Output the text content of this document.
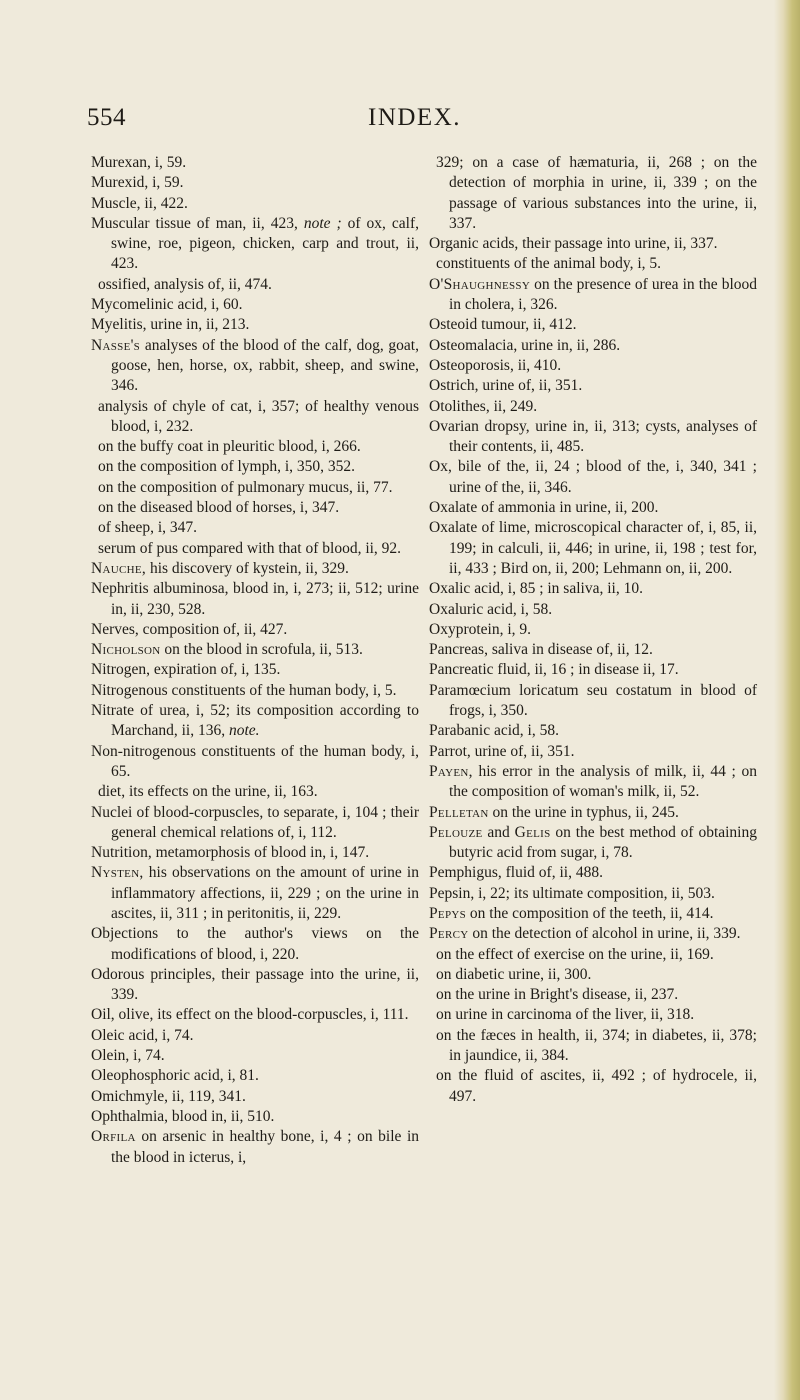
554	INDEX.
Murexan, i, 59.
Murexid, i, 59.
Muscle, ii, 422.
Muscular tissue of man, ii, 423, note ; of ox, calf, swine, roe, pigeon, chicken, carp and trout, ii, 423.
ossified, analysis of, ii, 474.
Mycomelinic acid, i, 60.
Myelitis, urine in, ii, 213.
Nasse's analyses of the blood of the calf, dog, goat, goose, hen, horse, ox, rabbit, sheep, and swine, 346.
analysis of chyle of cat, i, 357; of healthy venous blood, i, 232.
on the buffy coat in pleuritic blood, i, 266.
on the composition of lymph, i, 350, 352.
on the composition of pulmonary mucus, ii, 77.
on the diseased blood of horses, i, 347.
of sheep, i, 347.
serum of pus compared with that of blood, ii, 92.
Nauche, his discovery of kystein, ii, 329.
Nephritis albuminosa, blood in, i, 273; ii, 512; urine in, ii, 230, 528.
Nerves, composition of, ii, 427.
Nicholson on the blood in scrofula, ii, 513.
Nitrogen, expiration of, i, 135.
Nitrogenous constituents of the human body, i, 5.
Nitrate of urea, i, 52; its composition according to Marchand, ii, 136, note.
Non-nitrogenous constituents of the human body, i, 65.
diet, its effects on the urine, ii, 163.
Nuclei of blood-corpuscles, to separate, i, 104 ; their general chemical relations of, i, 112.
Nutrition, metamorphosis of blood in, i, 147.
Nysten, his observations on the amount of urine in inflammatory affections, ii, 229 ; on the urine in ascites, ii, 311 ; in peritonitis, ii, 229.
Objections to the author's views on the modifications of blood, i, 220.
Odorous principles, their passage into the urine, ii, 339.
Oil, olive, its effect on the blood-corpuscles, i, 111.
Oleic acid, i, 74.
Olein, i, 74.
Oleophosphoric acid, i, 81.
Omichmyle, ii, 119, 341.
Ophthalmia, blood in, ii, 510.
Orfila on arsenic in healthy bone, i, 4 ; on bile in the blood in icterus, i,
329; on a case of hæmaturia, ii, 268 ; on the detection of morphia in urine, ii, 339 ; on the passage of various substances into the urine, ii, 337.
Organic acids, their passage into urine, ii, 337.
constituents of the animal body, i, 5.
O'Shaughnessy on the presence of urea in the blood in cholera, i, 326.
Osteoid tumour, ii, 412.
Osteomalacia, urine in, ii, 286.
Osteoporosis, ii, 410.
Ostrich, urine of, ii, 351.
Otolithes, ii, 249.
Ovarian dropsy, urine in, ii, 313; cysts, analyses of their contents, ii, 485.
Ox, bile of the, ii, 24 ; blood of the, i, 340, 341 ; urine of the, ii, 346.
Oxalate of ammonia in urine, ii, 200.
Oxalate of lime, microscopical character of, i, 85, ii, 199; in calculi, ii, 446; in urine, ii, 198 ; test for, ii, 433 ; Bird on, ii, 200; Lehmann on, ii, 200.
Oxalic acid, i, 85 ; in saliva, ii, 10.
Oxaluric acid, i, 58.
Oxyprotein, i, 9.
Pancreas, saliva in disease of, ii, 12.
Pancreatic fluid, ii, 16 ; in disease ii, 17.
Paramœcium loricatum seu costatum in blood of frogs, i, 350.
Parabanic acid, i, 58.
Parrot, urine of, ii, 351.
Payen, his error in the analysis of milk, ii, 44 ; on the composition of woman's milk, ii, 52.
Pelletan on the urine in typhus, ii, 245.
Pelouze and Gelis on the best method of obtaining butyric acid from sugar, i, 78.
Pemphigus, fluid of, ii, 488.
Pepsin, i, 22; its ultimate composition, ii, 503.
Pepys on the composition of the teeth, ii, 414.
Percy on the detection of alcohol in urine, ii, 339.
on the effect of exercise on the urine, ii, 169.
on diabetic urine, ii, 300.
on the urine in Bright's disease, ii, 237.
on urine in carcinoma of the liver, ii, 318.
on the fæces in health, ii, 374; in diabetes, ii, 378; in jaundice, ii, 384.
on the fluid of ascites, ii, 492 ; of hydrocele, ii, 497.
